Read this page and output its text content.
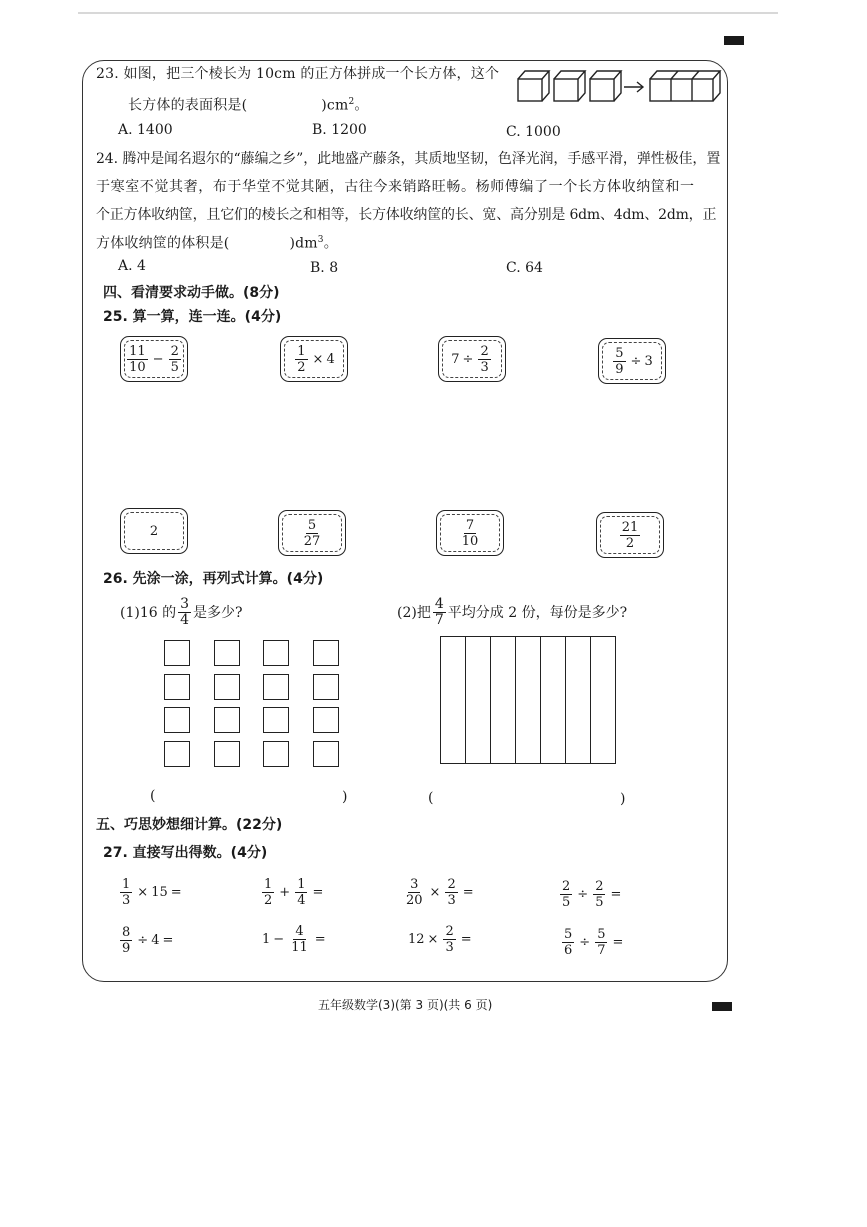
23. 如图，把三个棱长为 10cm 的正方体拼成一个长方体，这个
长方体的表面积是(	)$cm^2$。
A. 1400	B. 1200	C. 1000
24. 腾冲是闻名遐尔的“藤编之乡”，此地盛产藤条，其质地坚韧，色泽光润，手感平滑，弹性极佳，置
于寒室不觉其奢，布于华堂不觉其陋，古往今来销路旺畅。杨师傅编了一个长方体收纳筐和一
个正方体收纳筐，且它们的棱长之和相等，长方体收纳筐的长、宽、高分别是 6dm、4dm、2dm，正
方体收纳筐的体积是(	)$dm^3$。
A. 4	B. 8	C. 64
四、看清要求动手做。(8分)
25. 算一算，连一连。(4分)
$\frac{11}{10} - \frac{2}{5}$	$\frac{1}{2} \times 4$	$7 \div \frac{2}{3}$	$\frac{5}{9} \div 3$
2	$\frac{5}{27}$	$\frac{7}{10}$	$\frac{21}{2}$
26. 先涂一涂，再列式计算。(4分)
(1)16 的 $\frac{3}{4}$ 是多少?	(2)把 $\frac{4}{7}$ 平均分成 2 份，每份是多少?
(	)	(	)
五、巧思妙想细计算。(22分)
27. 直接写出得数。(4分)
$\frac{1}{3} \times 15$ =	$\frac{1}{2} + \frac{1}{4}$ =	$\frac{3}{20} \times \frac{2}{3}$ =	$\frac{2}{5} \div \frac{2}{5}$ =
$\frac{8}{9} \div 4$ =	$1 - \frac{4}{11}$ =	$12 \times \frac{2}{3}$ =	$\frac{5}{6} \div \frac{5}{7}$ =
五年级数学(3)(第 3 页)(共 6 页)
